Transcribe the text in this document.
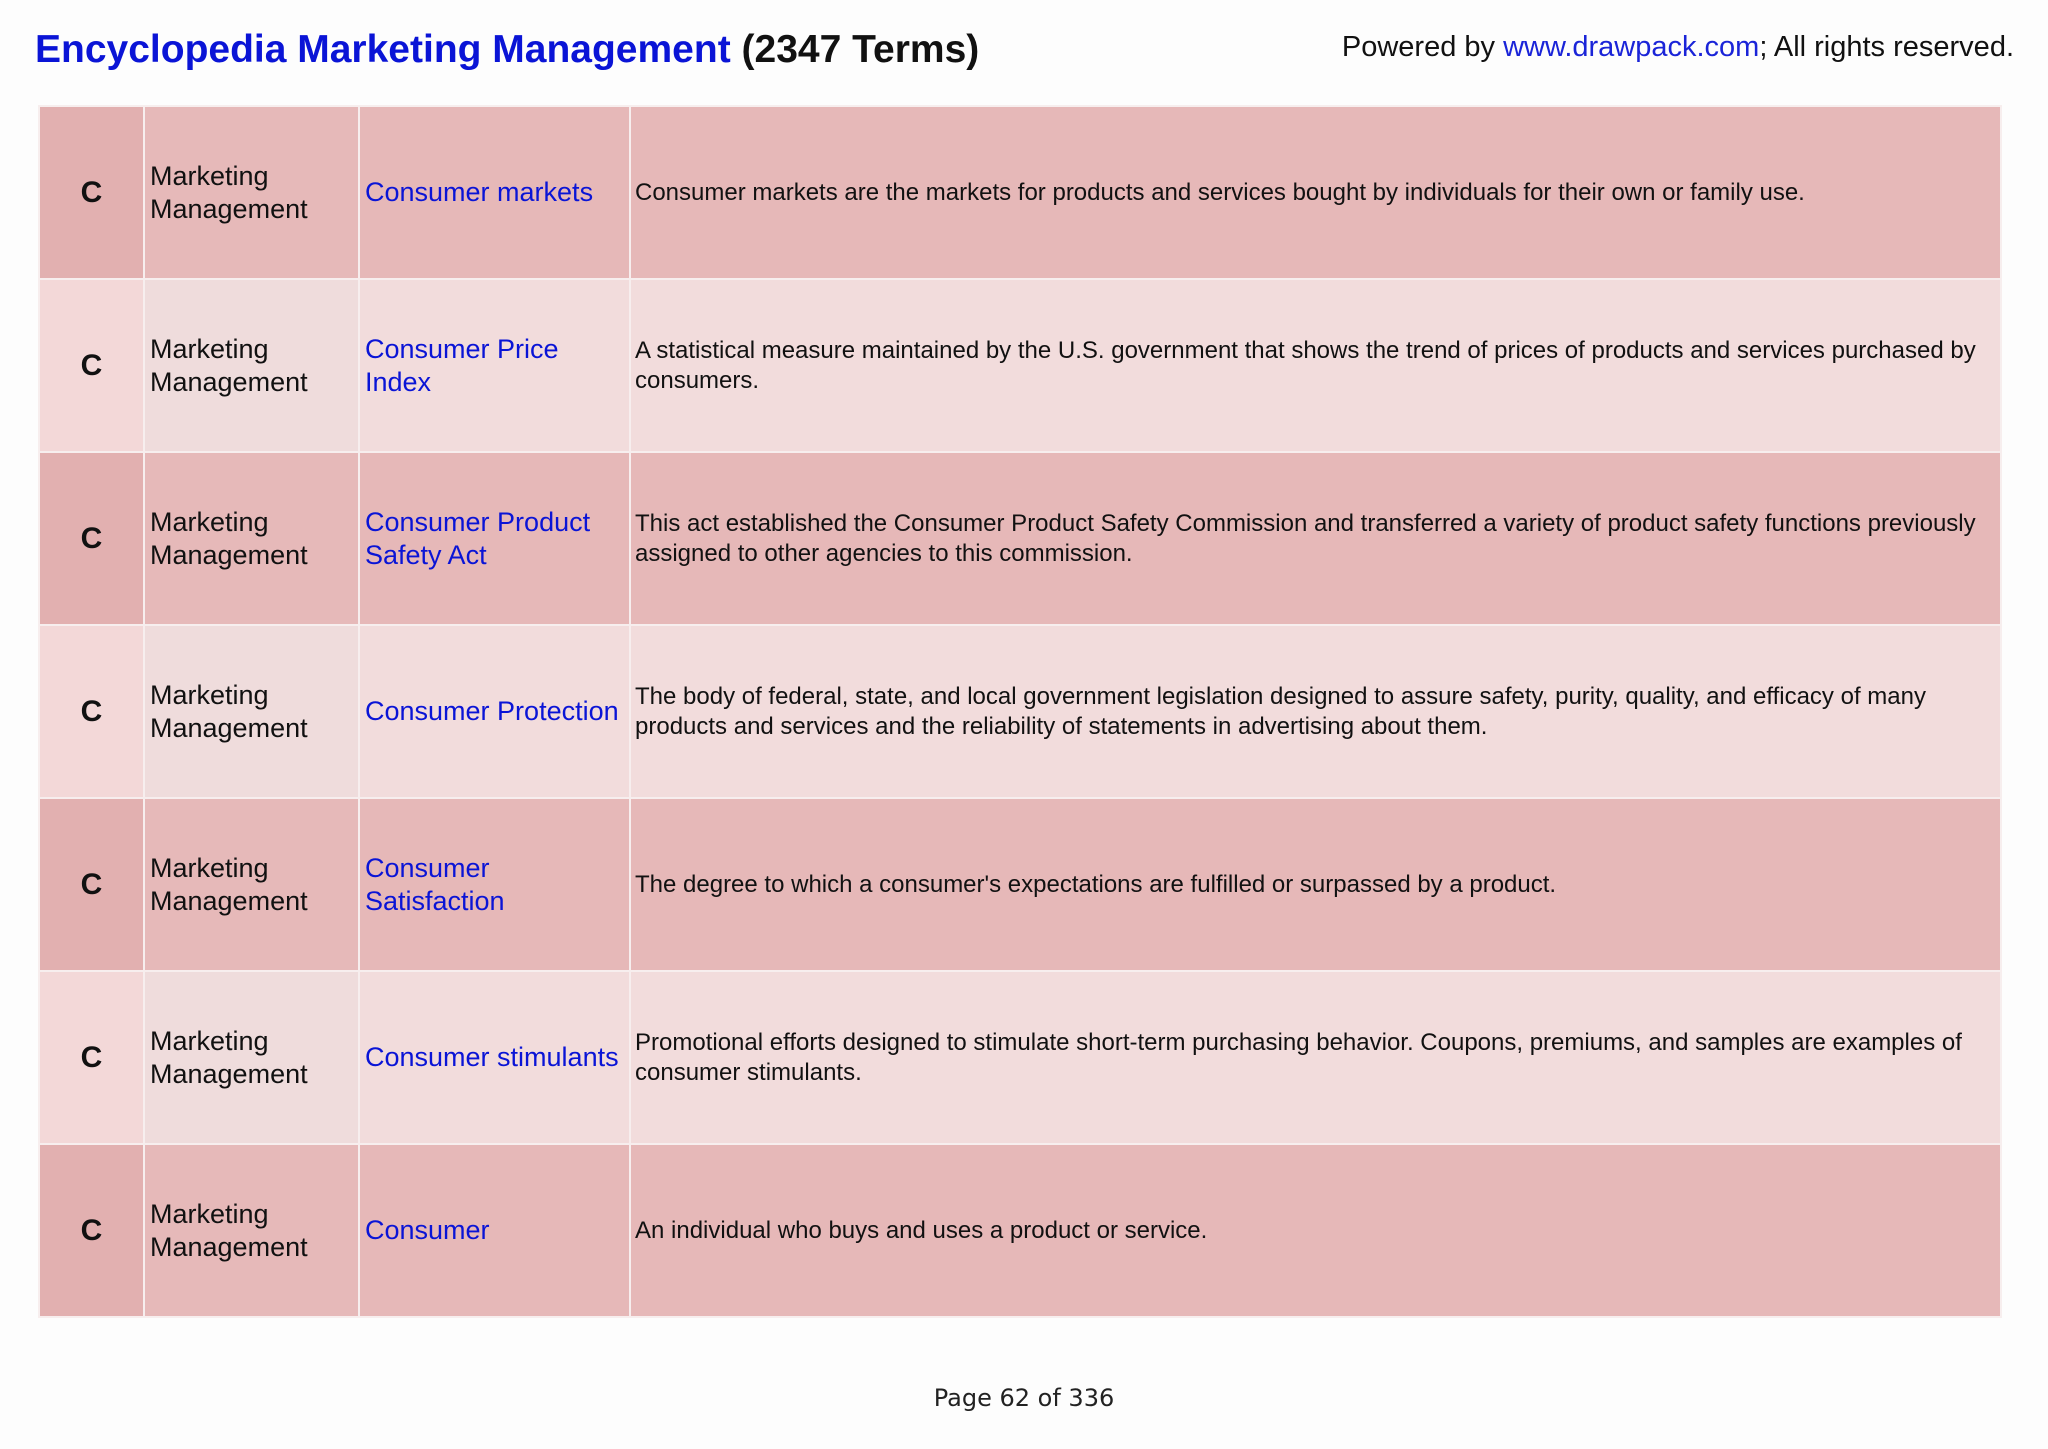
Encyclopedia Marketing Management (2347 Terms)	Powered by www.drawpack.com; All rights reserved.
C	Marketing Management	Consumer markets	Consumer markets are the markets for products and services bought by individuals for their own or family use.
C	Marketing Management	Consumer Price Index	A statistical measure maintained by the U.S. government that shows the trend of prices of products and services purchased by consumers.
C	Marketing Management	Consumer Product Safety Act	This act established the Consumer Product Safety Commission and transferred a variety of product safety functions previously assigned to other agencies to this commission.
C	Marketing Management	Consumer Protection	The body of federal, state, and local government legislation designed to assure safety, purity, quality, and efficacy of many products and services and the reliability of statements in advertising about them.
C	Marketing Management	Consumer Satisfaction	The degree to which a consumer's expectations are fulfilled or surpassed by a product.
C	Marketing Management	Consumer stimulants	Promotional efforts designed to stimulate short-term purchasing behavior. Coupons, premiums, and samples are examples of consumer stimulants.
C	Marketing Management	Consumer	An individual who buys and uses a product or service.
Page 62 of 336
